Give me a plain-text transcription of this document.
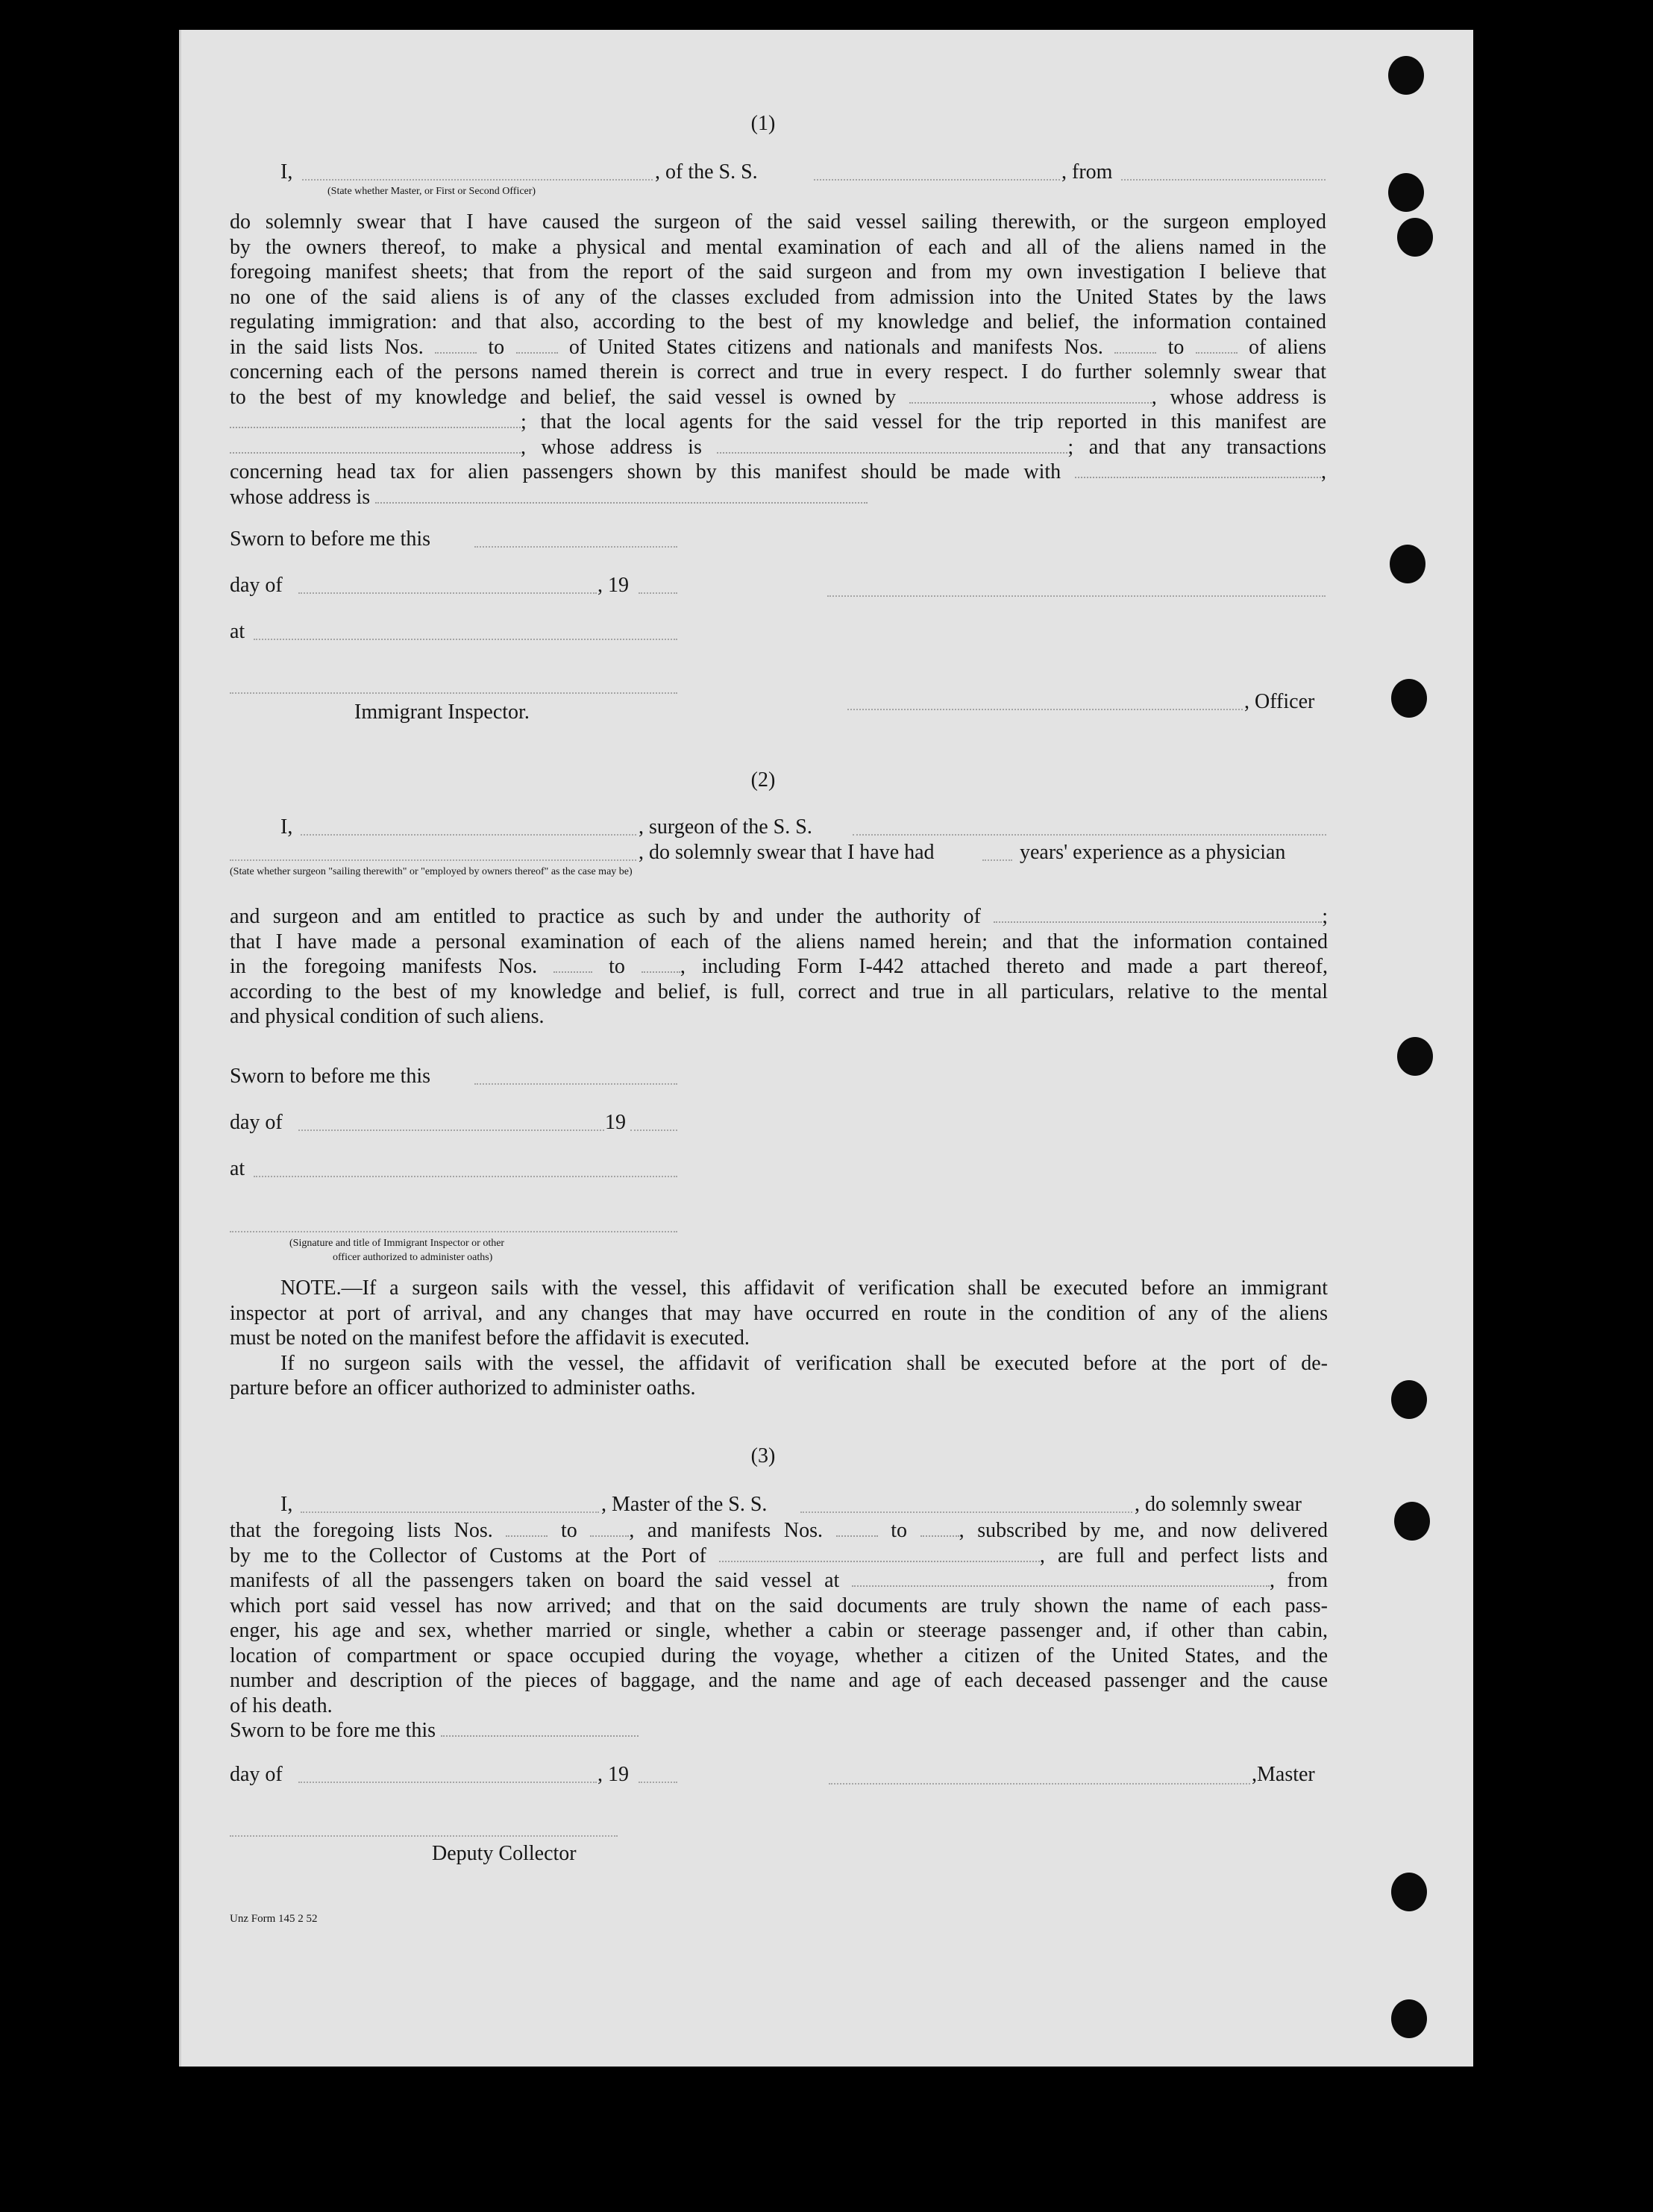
(1)
I,	, of the S. S.	, from
(State whether Master, or First or Second Officer)
do solemnly swear that I have caused the surgeon of the said vessel sailing therewith, or the surgeon employed
by the owners thereof, to make a physical and mental examination of each and all of the aliens named in the
foregoing manifest sheets; that from the report of the said surgeon and from my own investigation I believe that
no one of the said aliens is of any of the classes excluded from admission into the United States by the laws
regulating immigration: and that also, according to the best of my knowledge and belief, the information contained
in the said lists Nos.	to	of United States citizens and nationals and manifests Nos.	to	of aliens
concerning each of the persons named therein is correct and true in every respect. I do further solemnly swear that
to the best of my knowledge and belief, the said vessel is owned by	, whose address is
; that the local agents for the said vessel for the trip reported in this manifest are
, whose address is	; and that any transactions
concerning head tax for alien passengers shown by this manifest should be made with	,
whose address is
Sworn to before me this
day of	, 19
at
Immigrant Inspector.	, Officer
(2)
I,	, surgeon of the S. S.
, do solemnly swear that I have had	years' experience as a physician
(State whether surgeon "sailing therewith" or "employed by owners thereof" as the case may be)
and surgeon and am entitled to practice as such by and under the authority of	;
that I have made a personal examination of each of the aliens named herein; and that the information contained
in the foregoing manifests Nos.	to	, including Form I-442 attached thereto and made a part thereof,
according to the best of my knowledge and belief, is full, correct and true in all particulars, relative to the mental
and physical condition of such aliens.
Sworn to before me this
day of	19
at
(Signature and title of Immigrant Inspector or other
officer authorized to administer oaths)
NOTE.—If a surgeon sails with the vessel, this affidavit of verification shall be executed before an immigrant
inspector at port of arrival, and any changes that may have occurred en route in the condition of any of the aliens
must be noted on the manifest before the affidavit is executed.
If no surgeon sails with the vessel, the affidavit of verification shall be executed before at the port of de-
parture before an officer authorized to administer oaths.
(3)
I,	, Master of the S. S.	, do solemnly swear
that the foregoing lists Nos.	to , and manifests Nos.	to , subscribed by me, and now delivered
by me to the Collector of Customs at the Port of	, are full and perfect lists and
manifests of all the passengers taken on board the said vessel at	, from
which port said vessel has now arrived; and that on the said documents are truly shown the name of each pass-
enger, his age and sex, whether married or single, whether a cabin or steerage passenger and, if other than cabin,
location of compartment or space occupied during the voyage, whether a citizen of the United States, and the
number and description of the pieces of baggage, and the name and age of each deceased passenger and the cause
of his death.
Sworn to be fore me this
day of	, 19	,Master
Deputy Collector
Unz Form 145 2 52
